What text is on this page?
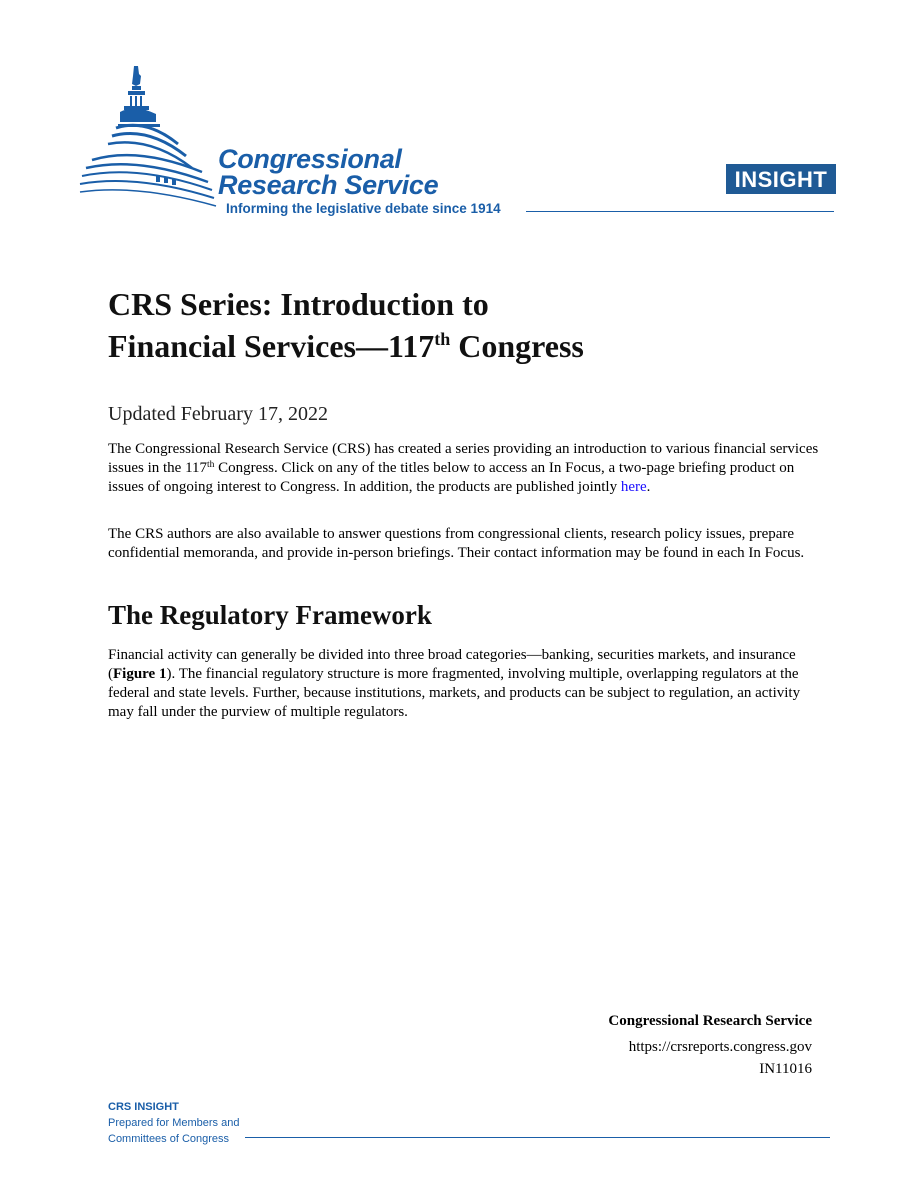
Congressional
Research Service
Informing the legislative debate since 1914
INSIGHT
CRS Series: Introduction to
Financial Services—117th Congress
Updated February 17, 2022

The Congressional Research Service (CRS) has created a series providing an introduction to various financial services issues in the 117th Congress. Click on any of the titles below to access an In Focus, a two-page briefing product on issues of ongoing interest to Congress. In addition, the products are published jointly here.

The CRS authors are also available to answer questions from congressional clients, research policy issues, prepare confidential memoranda, and provide in-person briefings. Their contact information may be found in each In Focus.

The Regulatory Framework

Financial activity can generally be divided into three broad categories—banking, securities markets, and insurance (Figure 1). The financial regulatory structure is more fragmented, involving multiple, overlapping regulators at the federal and state levels. Further, because institutions, markets, and products can be subject to regulation, an activity may fall under the purview of multiple regulators.

Congressional Research Service
https://crsreports.congress.gov
IN11016
CRS INSIGHT
Prepared for Members and
Committees of Congress
